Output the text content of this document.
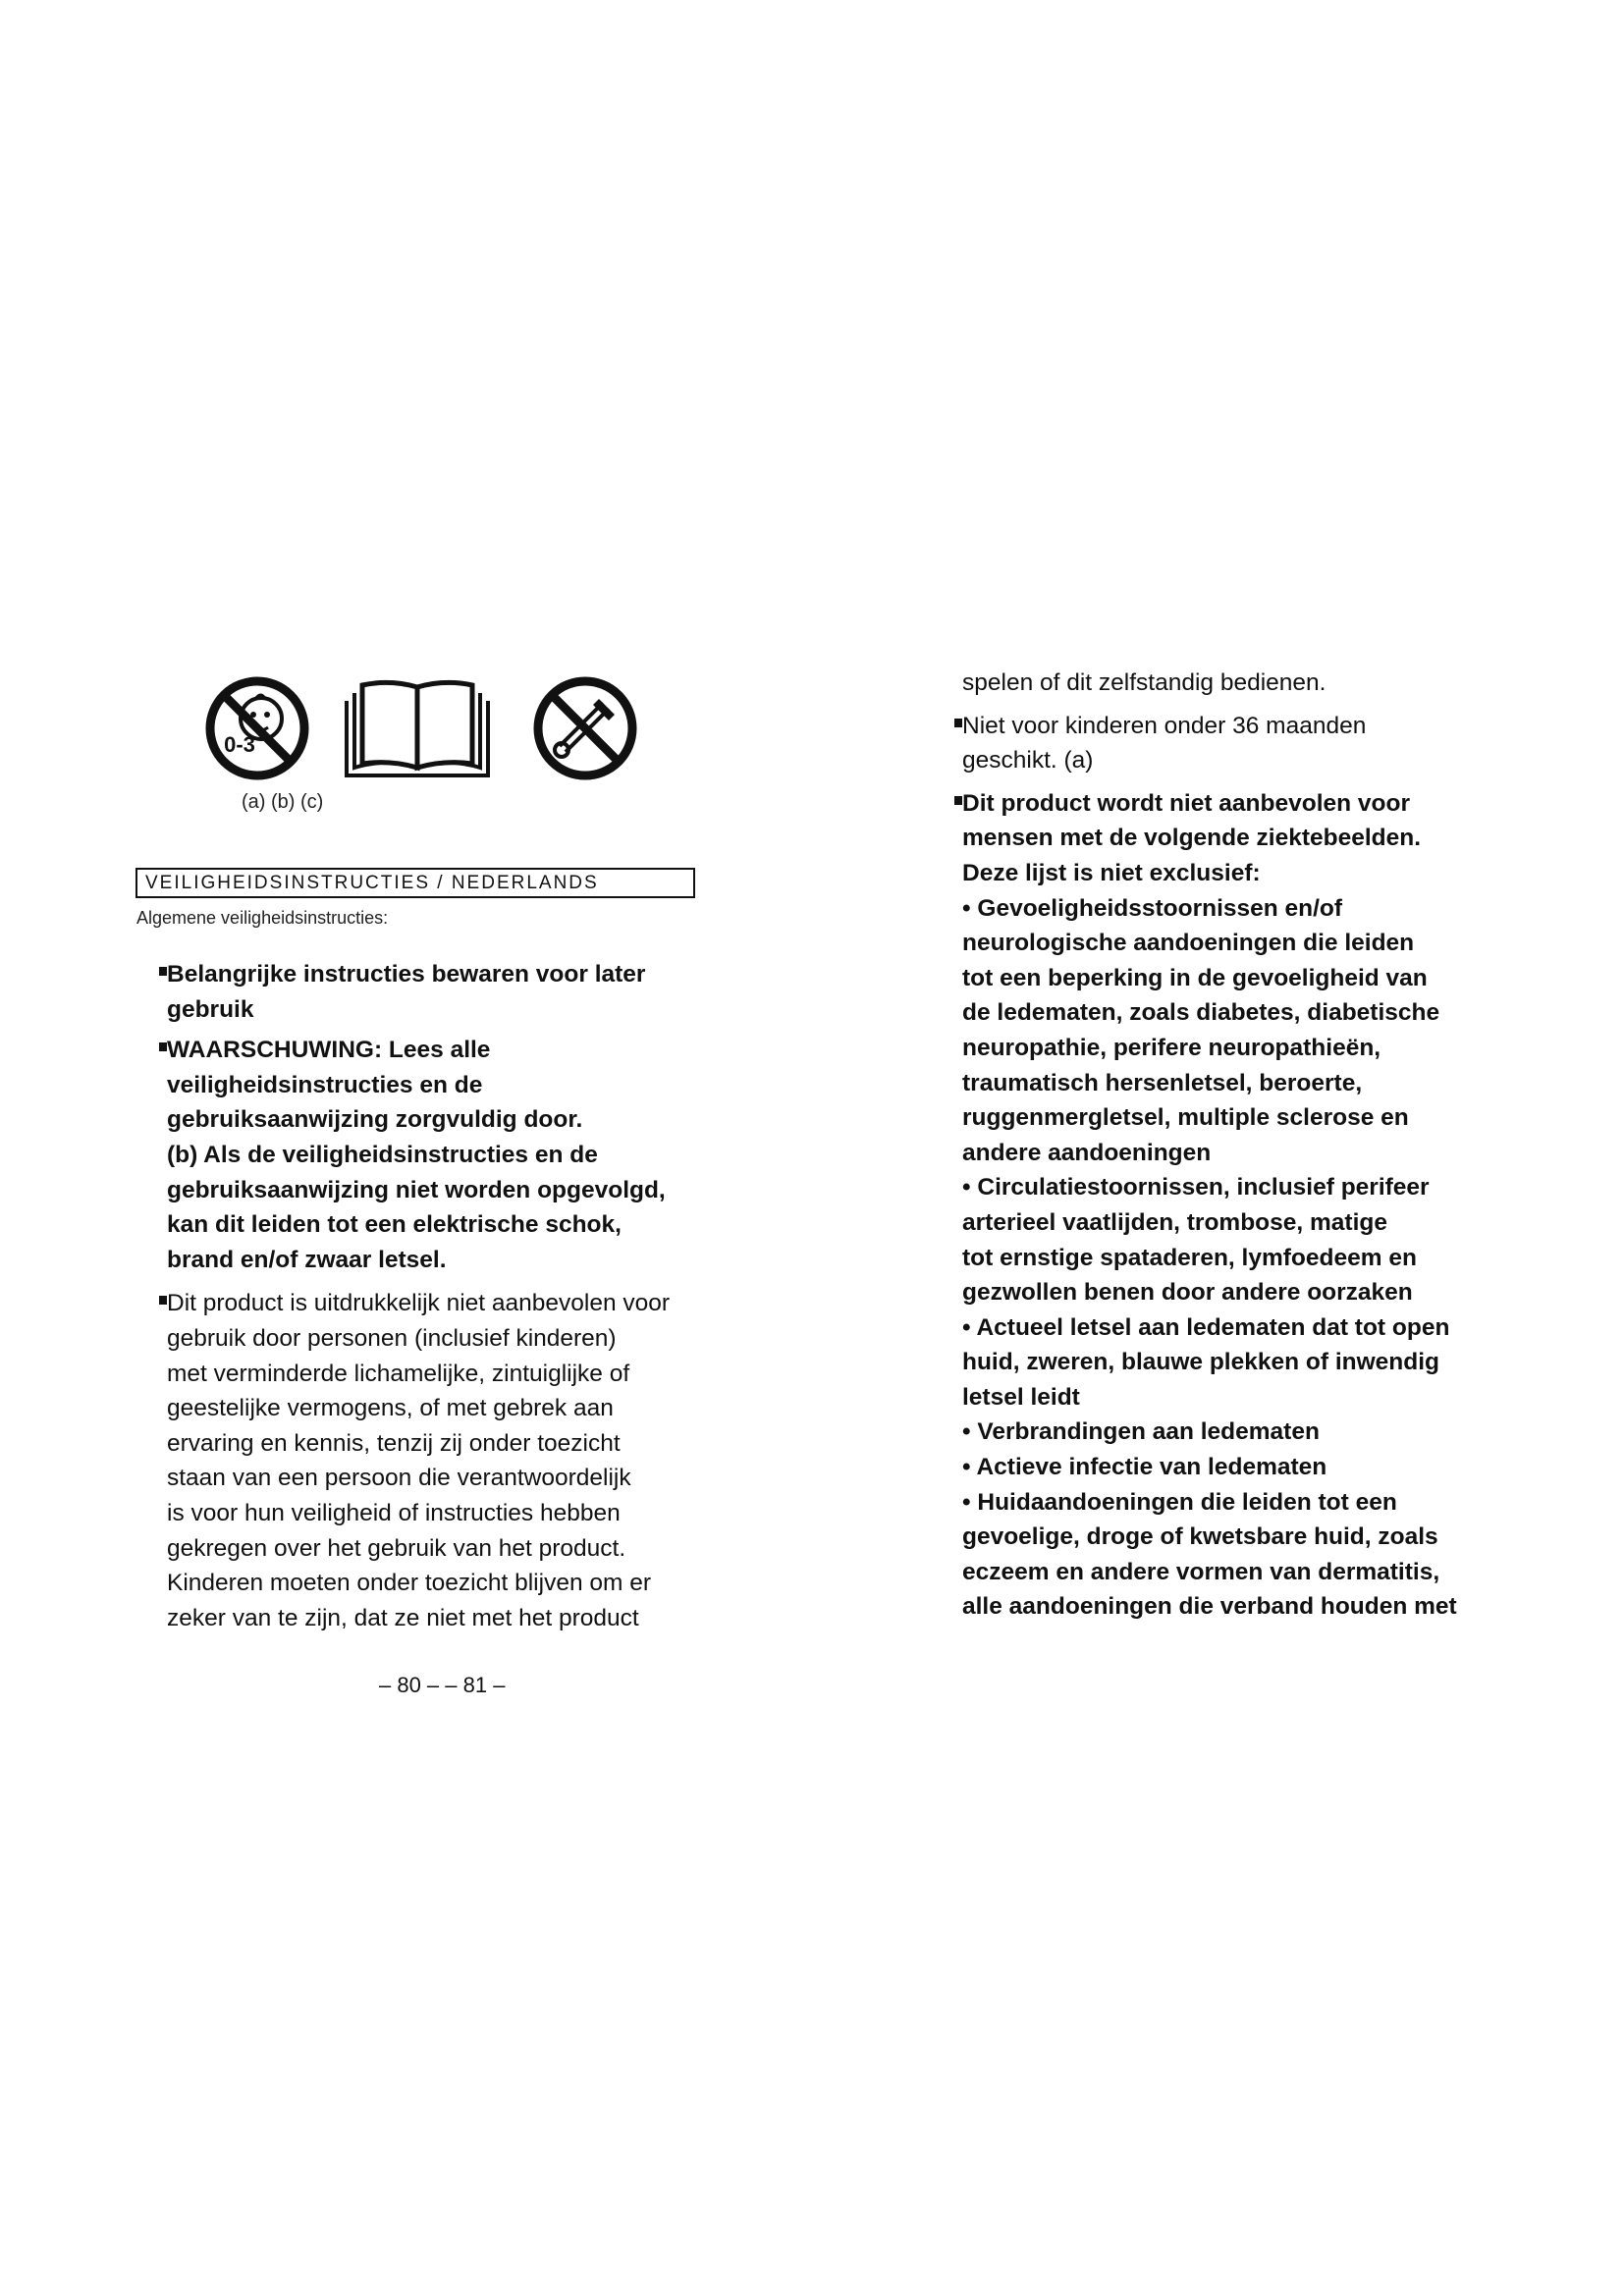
0-3
(a) (b) (c)
VEILIGHEIDSINSTRUCTIES / NEDERLANDS
Algemene veiligheidsinstructies:
Belangrijke instructies bewaren voor later
gebruik
WAARSCHUWING: Lees alle
veiligheidsinstructies en de
gebruiksaanwijzing zorgvuldig door.
(b) Als de veiligheidsinstructies en de
gebruiksaanwijzing niet worden opgevolgd,
kan dit leiden tot een elektrische schok,
brand en/of zwaar letsel.
Dit product is uitdrukkelijk niet aanbevolen voor
gebruik door personen (inclusief kinderen)
met verminderde lichamelijke, zintuiglijke of
geestelijke vermogens, of met gebrek aan
ervaring en kennis, tenzij zij onder toezicht
staan van een persoon die verantwoordelijk
is voor hun veiligheid of instructies hebben
gekregen over het gebruik van het product.
Kinderen moeten onder toezicht blijven om er
zeker van te zijn, dat ze niet met het product
spelen of dit zelfstandig bedienen.
Niet voor kinderen onder 36 maanden
geschikt. (a)
Dit product wordt niet aanbevolen voor
mensen met de volgende ziektebeelden.
Deze lijst is niet exclusief:
• Gevoeligheidsstoornissen en/of
neurologische aandoeningen die leiden
tot een beperking in de gevoeligheid van
de ledematen, zoals diabetes, diabetische
neuropathie, perifere neuropathieën,
traumatisch hersenletsel, beroerte,
ruggenmergletsel, multiple sclerose en
andere aandoeningen
• Circulatiestoornissen, inclusief perifeer
arterieel vaatlijden, trombose, matige
tot ernstige spataderen, lymfoedeem en
gezwollen benen door andere oorzaken
• Actueel letsel aan ledematen dat tot open
huid, zweren, blauwe plekken of inwendig
letsel leidt
• Verbrandingen aan ledematen
• Actieve infectie van ledematen
• Huidaandoeningen die leiden tot een
gevoelige, droge of kwetsbare huid, zoals
eczeem en andere vormen van dermatitis,
alle aandoeningen die verband houden met
– 80 – – 81 –
